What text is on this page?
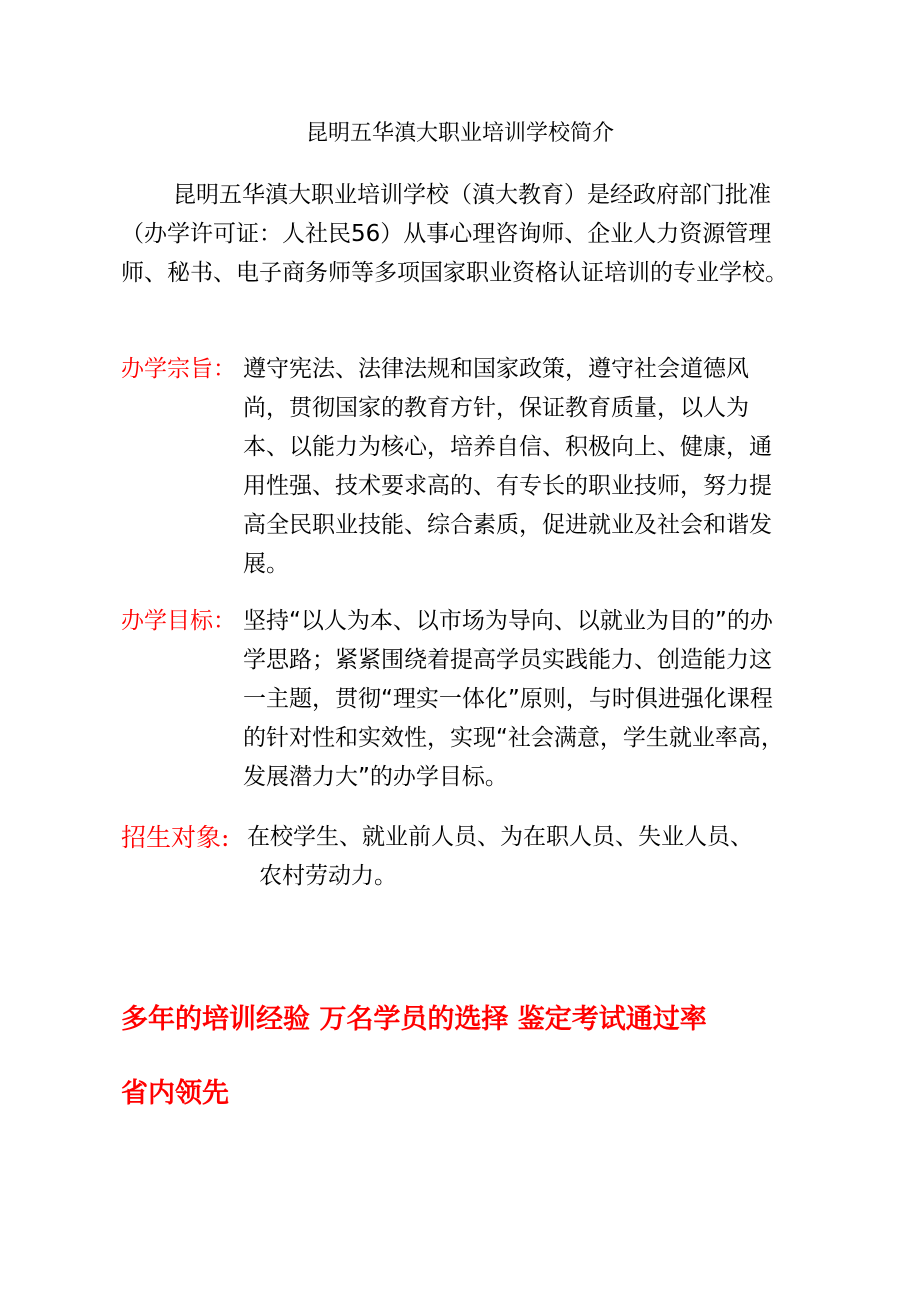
昆明五华滇大职业培训学校简介
昆明五华滇大职业培训学校（滇大教育）是经政府部门批准（办学许可证：人社民56）从事心理咨询师、企业人力资源管理师、秘书、电子商务师等多项国家职业资格认证培训的专业学校。
办学宗旨： 遵守宪法、法律法规和国家政策，遵守社会道德风尚，贯彻国家的教育方针，保证教育质量，以人为本、以能力为核心，培养自信、积极向上、健康，通用性强、技术要求高的、有专长的职业技师，努力提高全民职业技能、综合素质，促进就业及社会和谐发展。
办学目标： 坚持“以人为本、以市场为导向、以就业为目的”的办学思路；紧紧围绕着提高学员实践能力、创造能力这一主题，贯彻“理实一体化”原则，与时俱进强化课程的针对性和实效性，实现“社会满意，学生就业率高，发展潜力大”的办学目标。
招生对象: 在校学生、就业前人员、为在职人员、失业人员、
农村劳动力。
多年的培训经验 万名学员的选择 鉴定考试通过率
省内领先
